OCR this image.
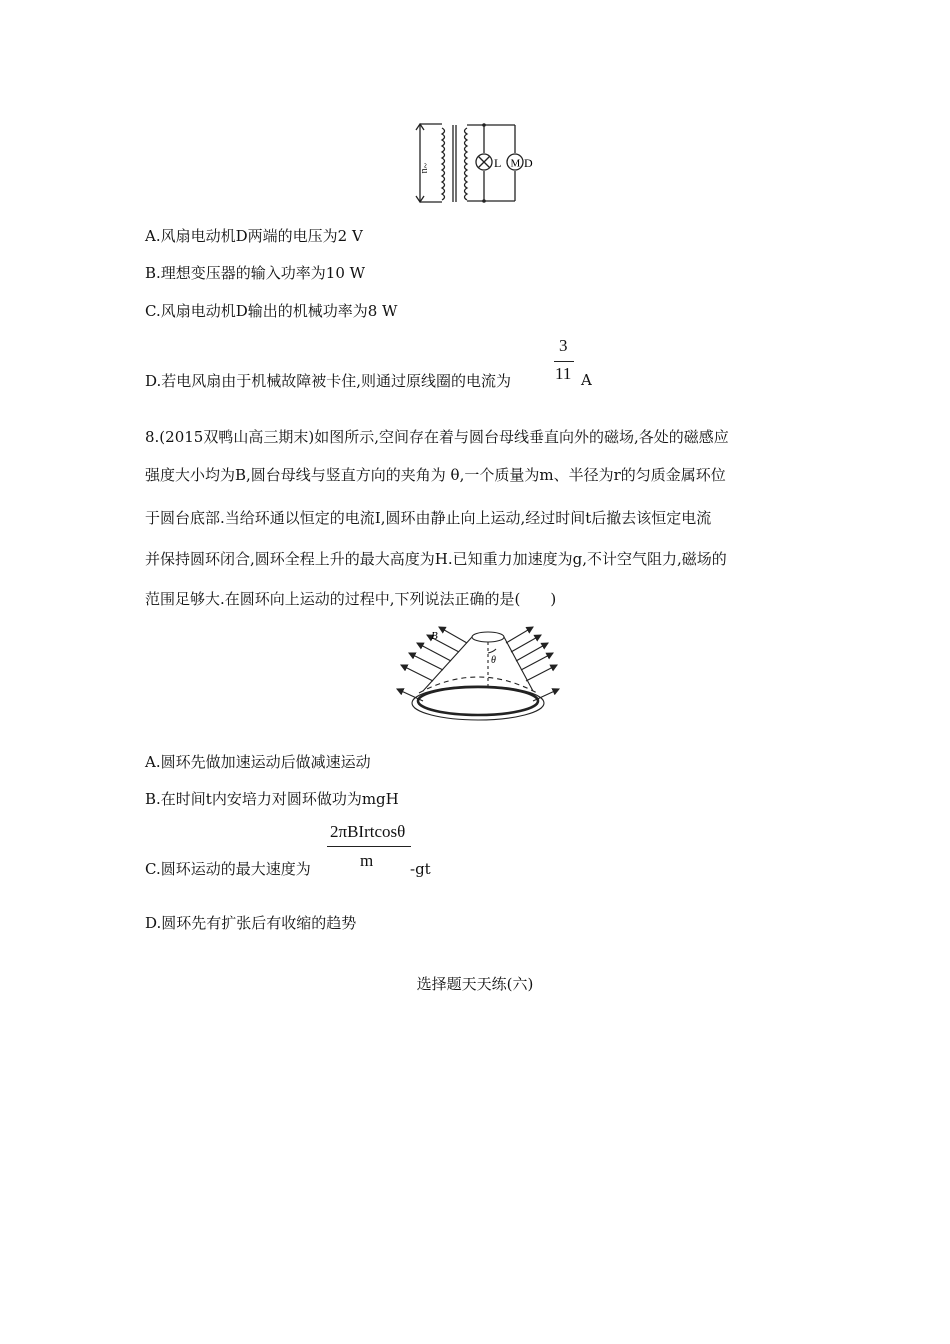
~u	L M D
A.风扇电动机D两端的电压为2 V
B.理想变压器的输入功率为10 W
C.风扇电动机D输出的机械功率为8 W
D.若电风扇由于机械故障被卡住,则通过原线圈的电流为
3
11 A
8.(2015双鸭山高三期末)如图所示,空间存在着与圆台母线垂直向外的磁场,各处的磁感应
强度大小均为B,圆台母线与竖直方向的夹角为 θ,一个质量为m、半径为r的匀质金属环位
于圆台底部.当给环通以恒定的电流I,圆环由静止向上运动,经过时间t后撤去该恒定电流
并保持圆环闭合,圆环全程上升的最大高度为H.已知重力加速度为g,不计空气阻力,磁场的
范围足够大.在圆环向上运动的过程中,下列说法正确的是(　　)
B
θ
A.圆环先做加速运动后做减速运动
B.在时间t内安培力对圆环做功为mgH
C.圆环运动的最大速度为
2πBIrtcosθ
m -gt
D.圆环先有扩张后有收缩的趋势
选择题天天练(六)
